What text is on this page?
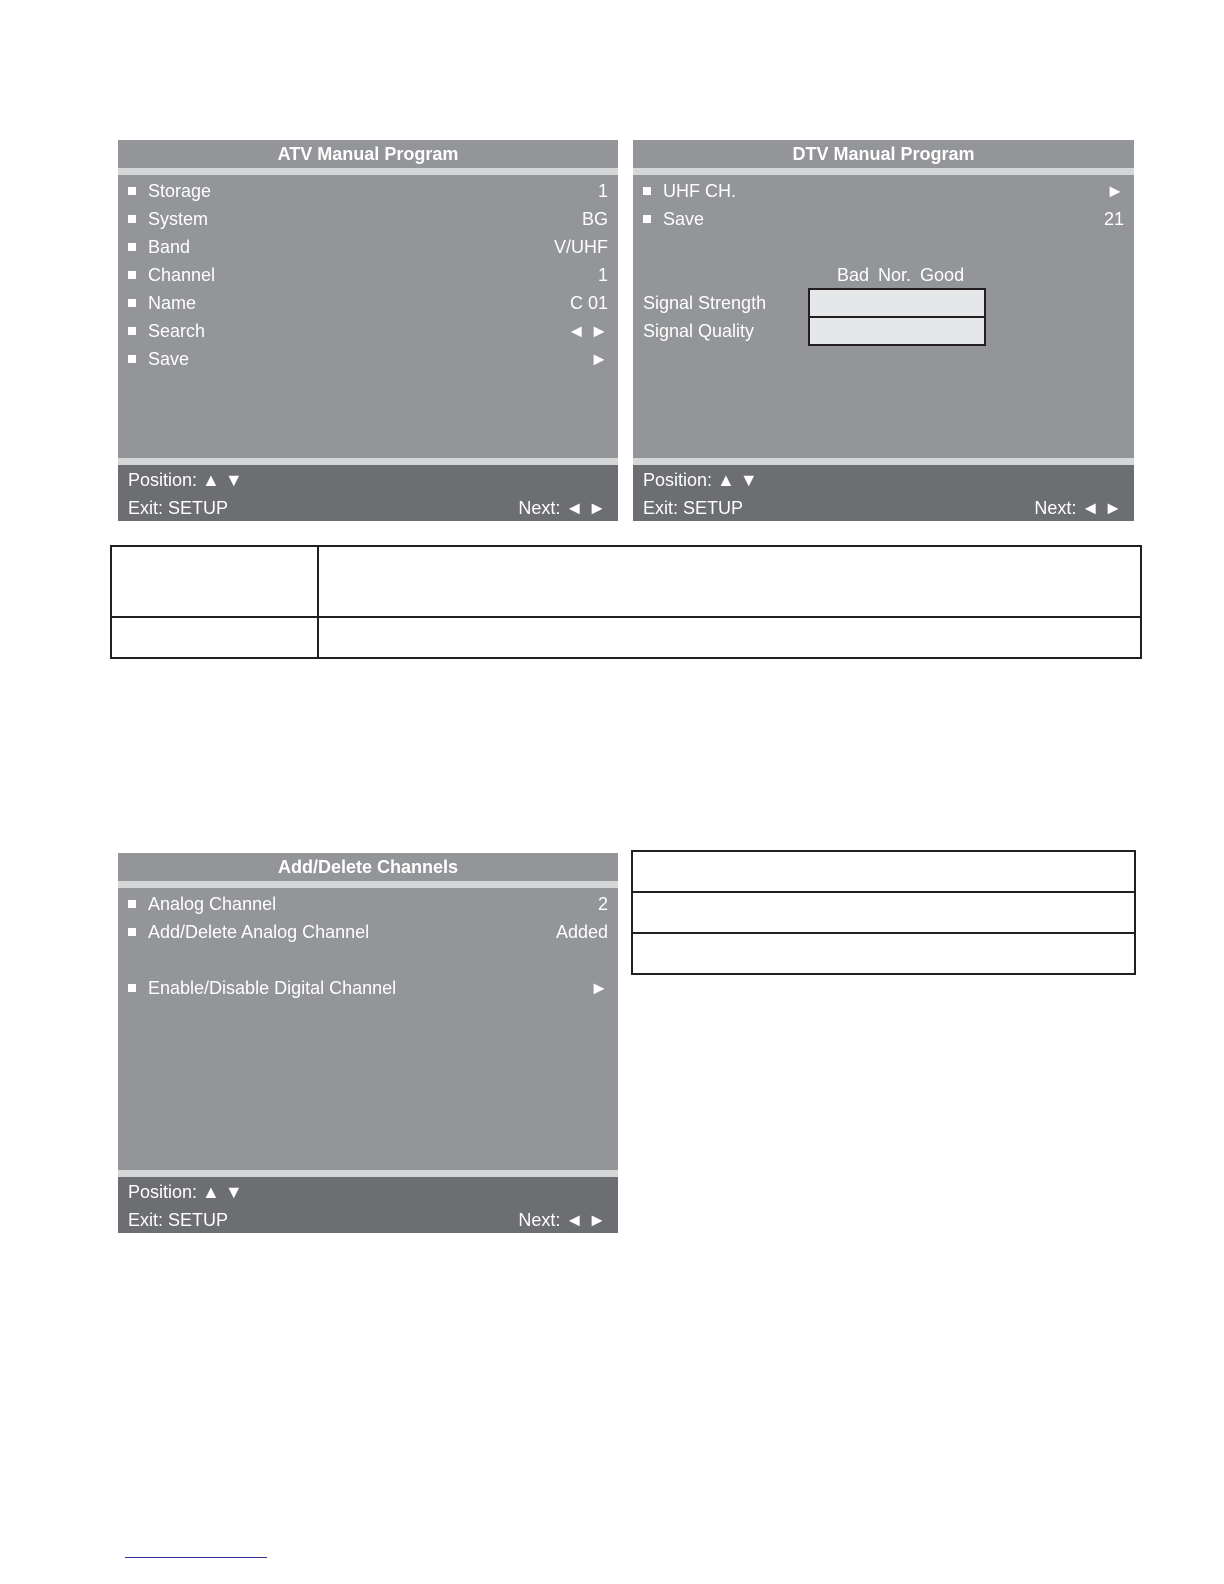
ATV Manual Program
Storage	1
System	BG
Band	V/UHF
Channel	1
Name	C 01
Search	◄ ►
Save	►
Position: ▲ ▼
Exit: SETUP	Next: ◄ ►
DTV Manual Program
UHF CH.	►
Save	21
Bad Nor. Good
Signal Strength
Signal Quality
Position: ▲ ▼
Exit: SETUP	Next: ◄ ►

Add/Delete Channels
Analog Channel	2
Add/Delete Analog Channel	Added
Enable/Disable Digital Channel	►
Position: ▲ ▼
Exit: SETUP	Next: ◄ ►
